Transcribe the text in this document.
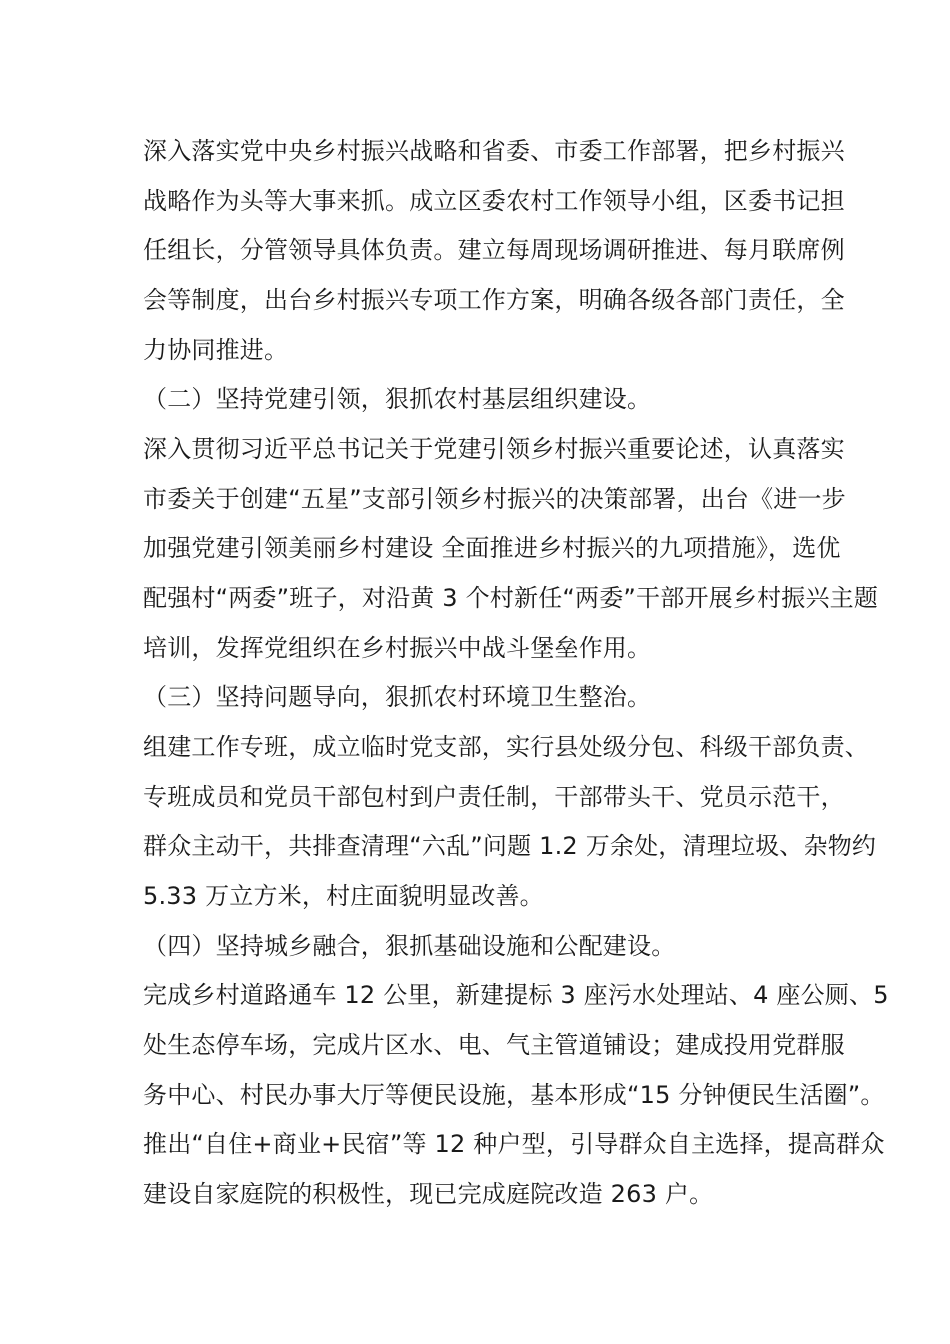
深入落实党中央乡村振兴战略和省委、市委工作部署，把乡村振兴
战略作为头等大事来抓。成立区委农村工作领导小组，区委书记担
任组长，分管领导具体负责。建立每周现场调研推进、每月联席例
会等制度，出台乡村振兴专项工作方案，明确各级各部门责任，全
力协同推进。
（二）坚持党建引领，狠抓农村基层组织建设。
深入贯彻习近平总书记关于党建引领乡村振兴重要论述，认真落实
市委关于创建“五星”支部引领乡村振兴的决策部署，出台《进一步
加强党建引领美丽乡村建设 全面推进乡村振兴的九项措施》，选优
配强村“两委”班子，对沿黄 3 个村新任“两委”干部开展乡村振兴主题
培训，发挥党组织在乡村振兴中战斗堡垒作用。
（三）坚持问题导向，狠抓农村环境卫生整治。
组建工作专班，成立临时党支部，实行县处级分包、科级干部负责、
专班成员和党员干部包村到户责任制，干部带头干、党员示范干，
群众主动干，共排查清理“六乱”问题 1.2 万余处，清理垃圾、杂物约
5.33 万立方米，村庄面貌明显改善。
（四）坚持城乡融合，狠抓基础设施和公配建设。
完成乡村道路通车 12 公里，新建提标 3 座污水处理站、4 座公厕、5
处生态停车场，完成片区水、电、气主管道铺设；建成投用党群服
务中心、村民办事大厅等便民设施，基本形成“15 分钟便民生活圈”。
推出“自住+商业+民宿”等 12 种户型，引导群众自主选择，提高群众
建设自家庭院的积极性，现已完成庭院改造 263 户。
